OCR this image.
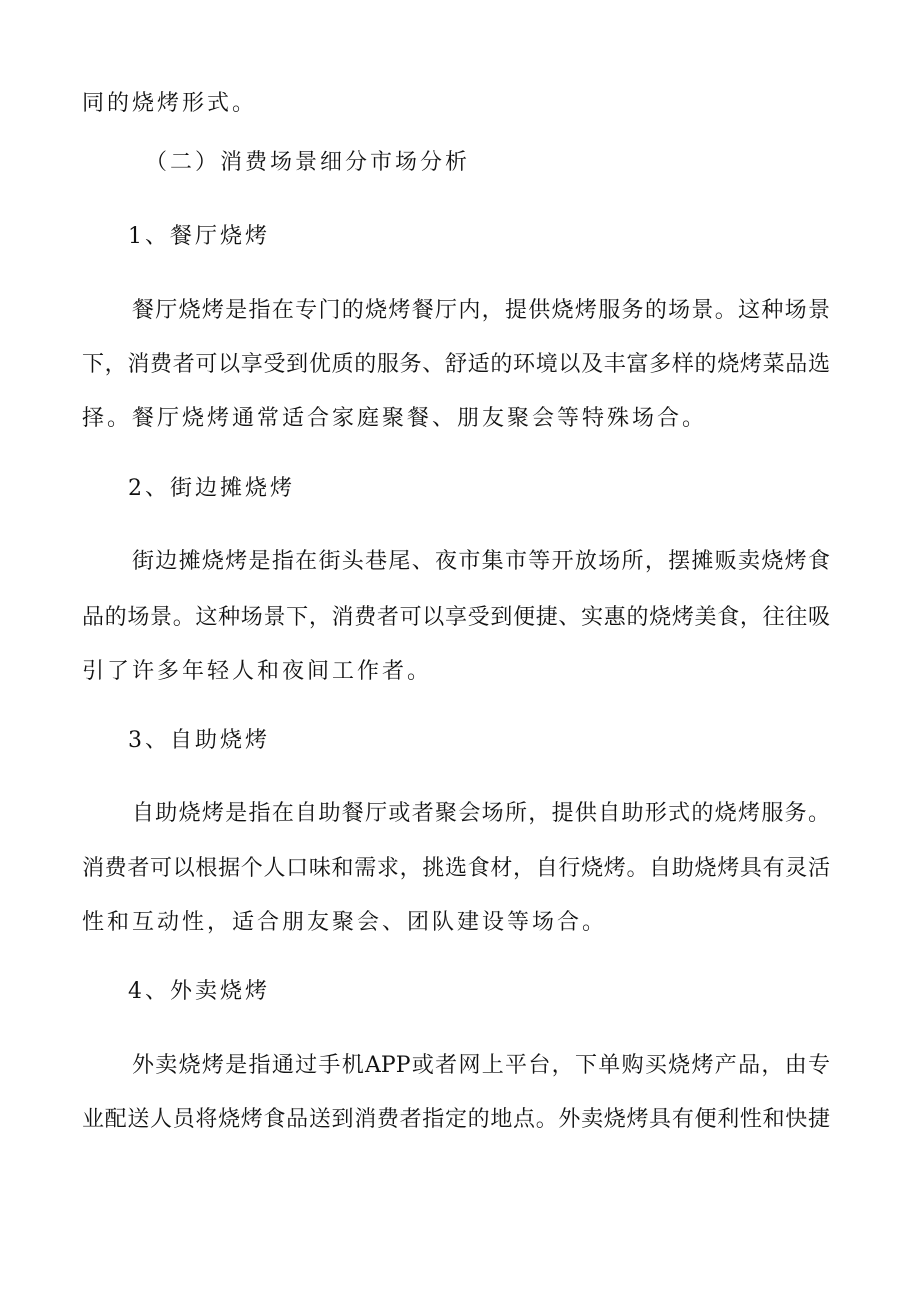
同的烧烤形式。
（二）消费场景细分市场分析
1、餐厅烧烤
餐厅烧烤是指在专门的烧烤餐厅内，提供烧烤服务的场景。这种场景
下，消费者可以享受到优质的服务、舒适的环境以及丰富多样的烧烤菜品选
择。餐厅烧烤通常适合家庭聚餐、朋友聚会等特殊场合。
2、街边摊烧烤
街边摊烧烤是指在街头巷尾、夜市集市等开放场所，摆摊贩卖烧烤食
品的场景。这种场景下，消费者可以享受到便捷、实惠的烧烤美食，往往吸
引了许多年轻人和夜间工作者。
3、自助烧烤
自助烧烤是指在自助餐厅或者聚会场所，提供自助形式的烧烤服务。
消费者可以根据个人口味和需求，挑选食材，自行烧烤。自助烧烤具有灵活
性和互动性，适合朋友聚会、团队建设等场合。
4、外卖烧烤
外卖烧烤是指通过手机APP或者网上平台，下单购买烧烤产品，由专
业配送人员将烧烤食品送到消费者指定的地点。外卖烧烤具有便利性和快捷
